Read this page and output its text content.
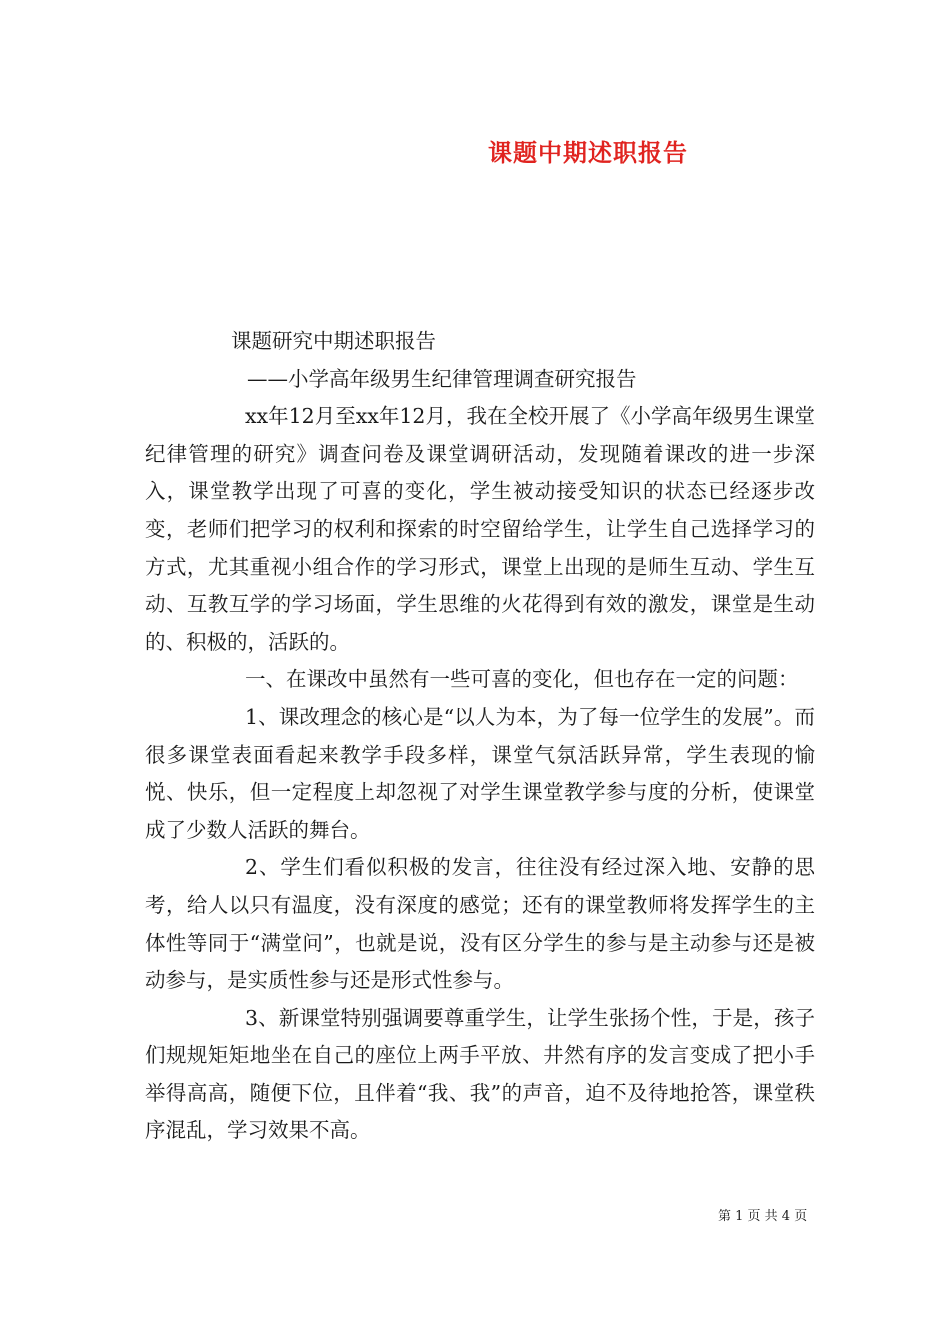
课题中期述职报告

课题研究中期述职报告

——小学高年级男生纪律管理调查研究报告

xx年12月至xx年12月，我在全校开展了《小学高年级男生课堂纪律管理的研究》调查问卷及课堂调研活动，发现随着课改的进一步深入，课堂教学出现了可喜的变化，学生被动接受知识的状态已经逐步改变，老师们把学习的权利和探索的时空留给学生，让学生自己选择学习的方式，尤其重视小组合作的学习形式，课堂上出现的是师生互动、学生互动、互教互学的学习场面，学生思维的火花得到有效的激发，课堂是生动的、积极的，活跃的。

一、在课改中虽然有一些可喜的变化，但也存在一定的问题：

1、课改理念的核心是“以人为本，为了每一位学生的发展”。而很多课堂表面看起来教学手段多样，课堂气氛活跃异常，学生表现的愉悦、快乐，但一定程度上却忽视了对学生课堂教学参与度的分析，使课堂成了少数人活跃的舞台。

2、学生们看似积极的发言，往往没有经过深入地、安静的思考，给人以只有温度，没有深度的感觉；还有的课堂教师将发挥学生的主体性等同于“满堂问”，也就是说，没有区分学生的参与是主动参与还是被动参与，是实质性参与还是形式性参与。

3、新课堂特别强调要尊重学生，让学生张扬个性，于是，孩子们规规矩矩地坐在自己的座位上两手平放、井然有序的发言变成了把小手举得高高，随便下位，且伴着“我、我”的声音，迫不及待地抢答，课堂秩序混乱，学习效果不高。

第 1 页 共 4 页
